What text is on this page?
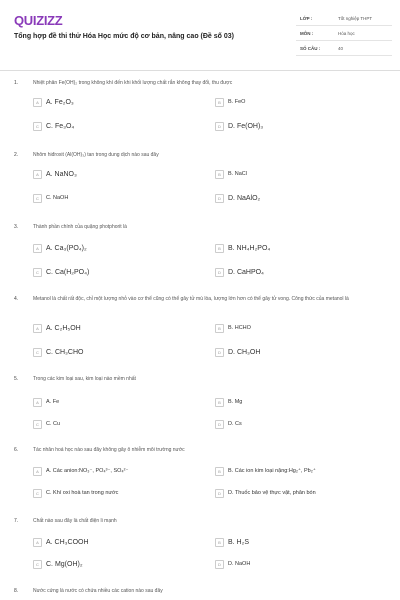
QUIZIZZ
Tổng hợp đề thi thử Hóa Học mức độ cơ bản, nâng cao (Đề số 03)
LỚP :	Tốt nghiệp THPT
MÔN :	Hóa học
SỐ CÂU :	40
1.	Nhiệt phân Fe(OH)₂ trong không khí đến khi khối lượng chất rắn không thay đổi, thu được
A	A. Fe₂O₃	B	B. FeO
C	C. Fe₃O₄	D	D. Fe(OH)₃
2.	Nhôm hiđroxit (Al(OH)₃) tan trong dung dịch nào sau đây
A	A. NaNO₃	B	B. NaCl
C	C. NaOH	D	D. NaAlO₂
3.	Thành phần chính của quặng photphorit là
A	A. Ca₃(PO₄)₂	B	B. NH₄H₂PO₄
C	C. Ca(H₂PO₄)	D	D. CaHPO₄
4.	Metanol là chất rất độc, chỉ một lượng nhỏ vào cơ thể cũng có thể gây tử mù lòa, lượng lớn hơn có thể gây tử vong. Công thức của metanol là
A	A. C₂H₅OH	B	B. HCHO
C	C. CH₃CHO	D	D. CH₃OH
5.	Trong các kim loại sau, kim loại nào mềm nhất
A	A. Fe	B	B. Mg
C	C. Cu	D	D. Cs
6.	Tác nhân hoá học nào sau đây không gây ô nhiễm môi trường nước
A	A. Các anion:NO₃⁻, PO₄³⁻, SO₄²⁻	B	B. Các ion kim loại nặng:Hg₂⁺, Pb₂⁺
C	C. Khí oxi hoà tan trong nước	D	D. Thuốc bảo vệ thực vật, phân bón
7.	Chất nào sau đây là chất điện li mạnh
A	A. CH₃COOH	B	B. H₂S
C	C. Mg(OH)₂	D	D. NaOH
8.	Nước cứng là nước có chứa nhiều các cation nào sau đây
